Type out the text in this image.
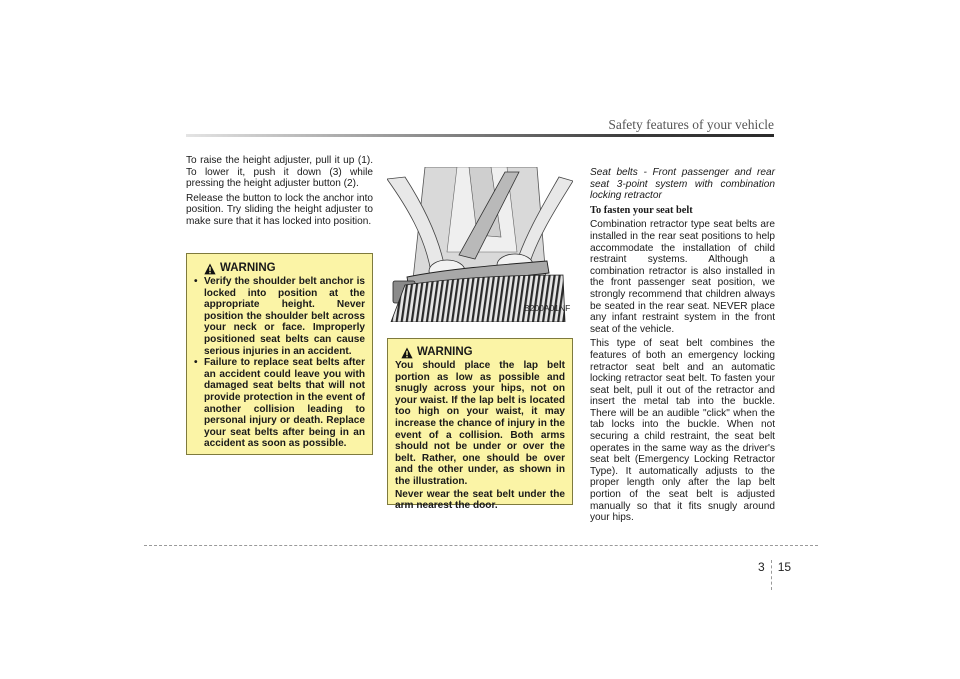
Safety features of your vehicle

To raise the height adjuster, pull it up (1). To lower it, push it down (3) while pressing the height adjuster button (2).

Release the button to lock the anchor into position. Try sliding the height adjuster to make sure that it has locked into position.

WARNING
• Verify the shoulder belt anchor is locked into position at the appropriate height. Never position the shoulder belt across your neck or face. Improperly positioned seat belts can cause serious injuries in an accident.
• Failure to replace seat belts after an accident could leave you with damaged seat belts that will not provide protection in the event of another collision leading to personal injury or death. Replace your seat belts after being in an accident as soon as possible.
B200A01NF
WARNING

You should place the lap belt portion as low as possible and snugly across your hips, not on your waist. If the lap belt is located too high on your waist, it may increase the chance of injury in the event of a collision. Both arms should not be under or over the belt. Rather, one should be over and the other under, as shown in the illustration.

Never wear the seat belt under the arm nearest the door.

Seat belts - Front passenger and rear seat 3-point system with combination locking retractor

To fasten your seat belt

Combination retractor type seat belts are installed in the rear seat positions to help accommodate the installation of child restraint systems. Although a combination retractor is also installed in the front passenger seat position, we strongly recommend that children always be seated in the rear seat. NEVER place any infant restraint system in the front seat of the vehicle.

This type of seat belt combines the features of both an emergency locking retractor seat belt and an automatic locking retractor seat belt. To fasten your seat belt, pull it out of the retractor and insert the metal tab into the buckle. There will be an audible "click" when the tab locks into the buckle. When not securing a child restraint, the seat belt operates in the same way as the driver's seat belt (Emergency Locking Retractor Type). It automatically adjusts to the proper length only after the lap belt portion of the seat belt is adjusted manually so that it fits snugly around your hips.

3 15
